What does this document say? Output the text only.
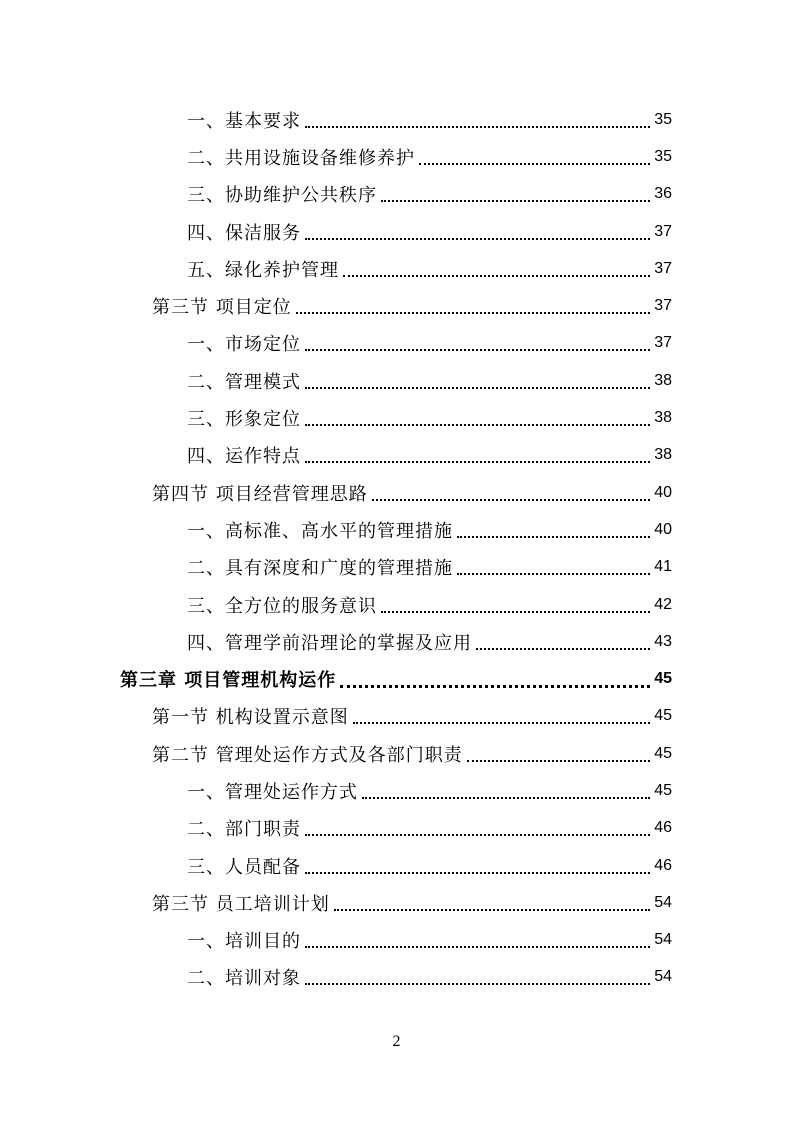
一、基本要求	35
二、共用设施设备维修养护	35
三、协助维护公共秩序	36
四、保洁服务	37
五、绿化养护管理	37
第三节 项目定位	37
一、市场定位	37
二、管理模式	38
三、形象定位	38
四、运作特点	38
第四节 项目经营管理思路	40
一、高标准、高水平的管理措施	40
二、具有深度和广度的管理措施	41
三、全方位的服务意识	42
四、管理学前沿理论的掌握及应用	43
第三章 项目管理机构运作	45
第一节 机构设置示意图	45
第二节 管理处运作方式及各部门职责	45
一、管理处运作方式	45
二、部门职责	46
三、人员配备	46
第三节 员工培训计划	54
一、培训目的	54
二、培训对象	54
2
